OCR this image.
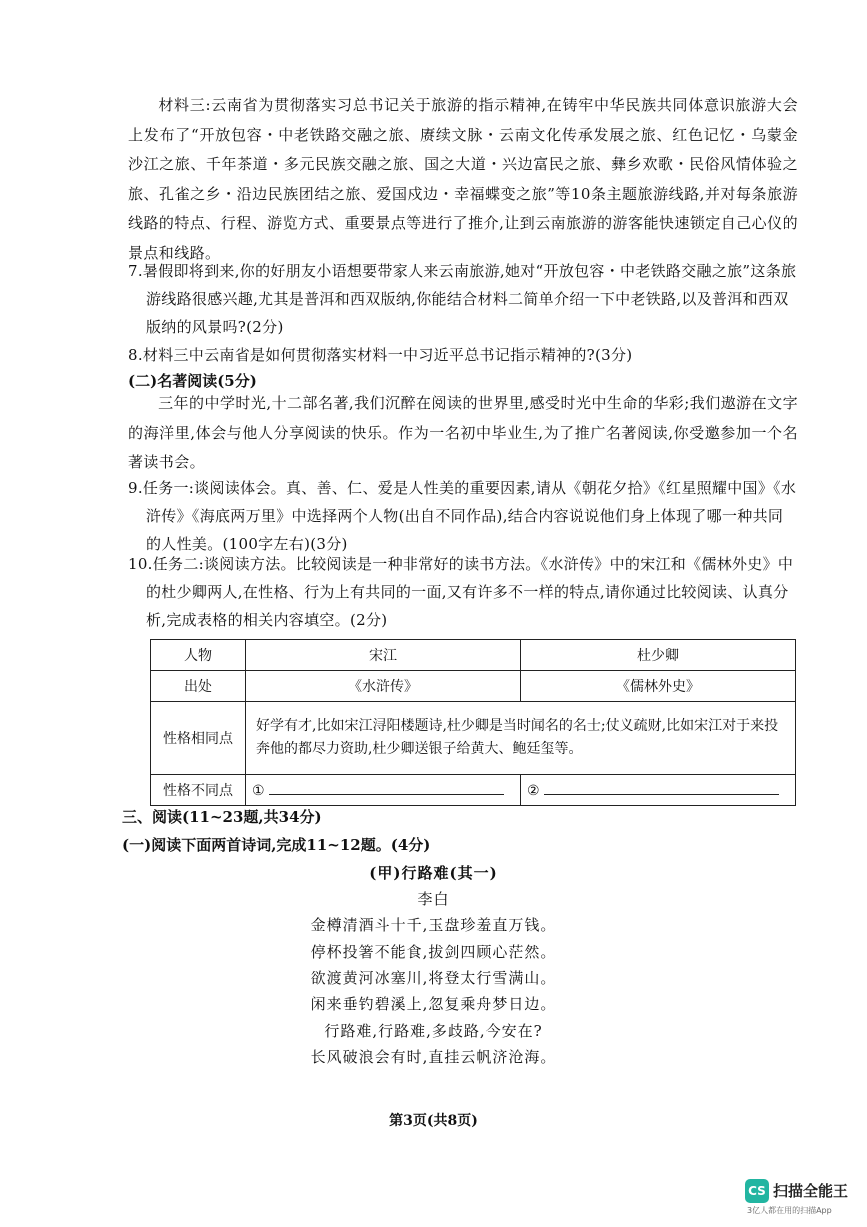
材料三:云南省为贯彻落实习总书记关于旅游的指示精神,在铸牢中华民族共同体意识旅游大会上发布了“开放包容・中老铁路交融之旅、赓续文脉・云南文化传承发展之旅、红色记忆・乌蒙金沙江之旅、千年茶道・多元民族交融之旅、国之大道・兴边富民之旅、彝乡欢歌・民俗风情体验之旅、孔雀之乡・沿边民族团结之旅、爱国戍边・幸福蝶变之旅”等10条主题旅游线路,并对每条旅游线路的特点、行程、游览方式、重要景点等进行了推介,让到云南旅游的游客能快速锁定自己心仪的景点和线路。
7.暑假即将到来,你的好朋友小语想要带家人来云南旅游,她对“开放包容・中老铁路交融之旅”这条旅游线路很感兴趣,尤其是普洱和西双版纳,你能结合材料二简单介绍一下中老铁路,以及普洱和西双版纳的风景吗?(2分)
8.材料三中云南省是如何贯彻落实材料一中习近平总书记指示精神的?(3分)
(二)名著阅读(5分)
三年的中学时光,十二部名著,我们沉醉在阅读的世界里,感受时光中生命的华彩;我们遨游在文字的海洋里,体会与他人分享阅读的快乐。作为一名初中毕业生,为了推广名著阅读,你受邀参加一个名著读书会。
9.任务一:谈阅读体会。真、善、仁、爱是人性美的重要因素,请从《朝花夕拾》《红星照耀中国》《水浒传》《海底两万里》中选择两个人物(出自不同作品),结合内容说说他们身上体现了哪一种共同的人性美。(100字左右)(3分)
10.任务二:谈阅读方法。比较阅读是一种非常好的读书方法。《水浒传》中的宋江和《儒林外史》中的杜少卿两人,在性格、行为上有共同的一面,又有许多不一样的特点,请你通过比较阅读、认真分析,完成表格的相关内容填空。(2分)
人物	宋江	杜少卿
出处	《水浒传》	《儒林外史》
性格相同点	好学有才,比如宋江浔阳楼题诗,杜少卿是当时闻名的名士;仗义疏财,比如宋江对于来投奔他的都尽力资助,杜少卿送银子给黄大、鲍廷玺等。	
性格不同点	①	②
三、阅读(11~23题,共34分)
(一)阅读下面两首诗词,完成11~12题。(4分)
(甲)行路难(其一)
李白
金樽清酒斗十千,玉盘珍羞直万钱。
停杯投箸不能食,拔剑四顾心茫然。
欲渡黄河冰塞川,将登太行雪满山。
闲来垂钓碧溪上,忽复乘舟梦日边。
行路难,行路难,多歧路,今安在?
长风破浪会有时,直挂云帆济沧海。
第3页(共8页)
CS 扫描全能王
3亿人都在用的扫描App
